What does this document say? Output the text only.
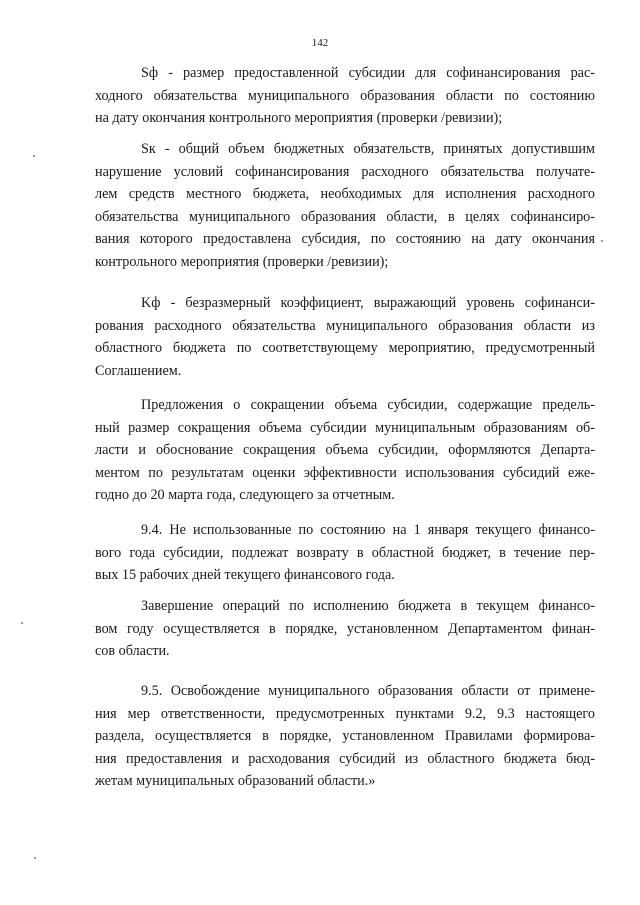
142
Sф - размер предоставленной субсидии для софинансирования рас-
ходного обязательства муниципального образования области по состоянию
на дату окончания контрольного мероприятия (проверки /ревизии);
Sк - общий объем бюджетных обязательств, принятых допустившим
нарушение условий софинансирования расходного обязательства получате-
лем средств местного бюджета, необходимых для исполнения расходного
обязательства муниципального образования области, в целях софинансиро-
вания которого предоставлена субсидия, по состоянию на дату окончания
контрольного мероприятия (проверки /ревизии);
Kф - безразмерный коэффициент, выражающий уровень софинанси-
рования расходного обязательства муниципального образования области из
областного бюджета по соответствующему мероприятию, предусмотренный
Соглашением.
Предложения о сокращении объема субсидии, содержащие предель-
ный размер сокращения объема субсидии муниципальным образованиям об-
ласти и обоснование сокращения объема субсидии, оформляются Департа-
ментом по результатам оценки эффективности использования субсидий еже-
годно до 20 марта года, следующего за отчетным.
9.4. Не использованные по состоянию на 1 января текущего финансо-
вого года субсидии, подлежат возврату в областной бюджет, в течение пер-
вых 15 рабочих дней текущего финансового года.
Завершение операций по исполнению бюджета в текущем финансо-
вом году осуществляется в порядке, установленном Департаментом финан-
сов области.
9.5. Освобождение муниципального образования области от примене-
ния мер ответственности, предусмотренных пунктами 9.2, 9.3 настоящего
раздела, осуществляется в порядке, установленном Правилами формирова-
ния предоставления и расходования субсидий из областного бюджета бюд-
жетам муниципальных образований области.»
